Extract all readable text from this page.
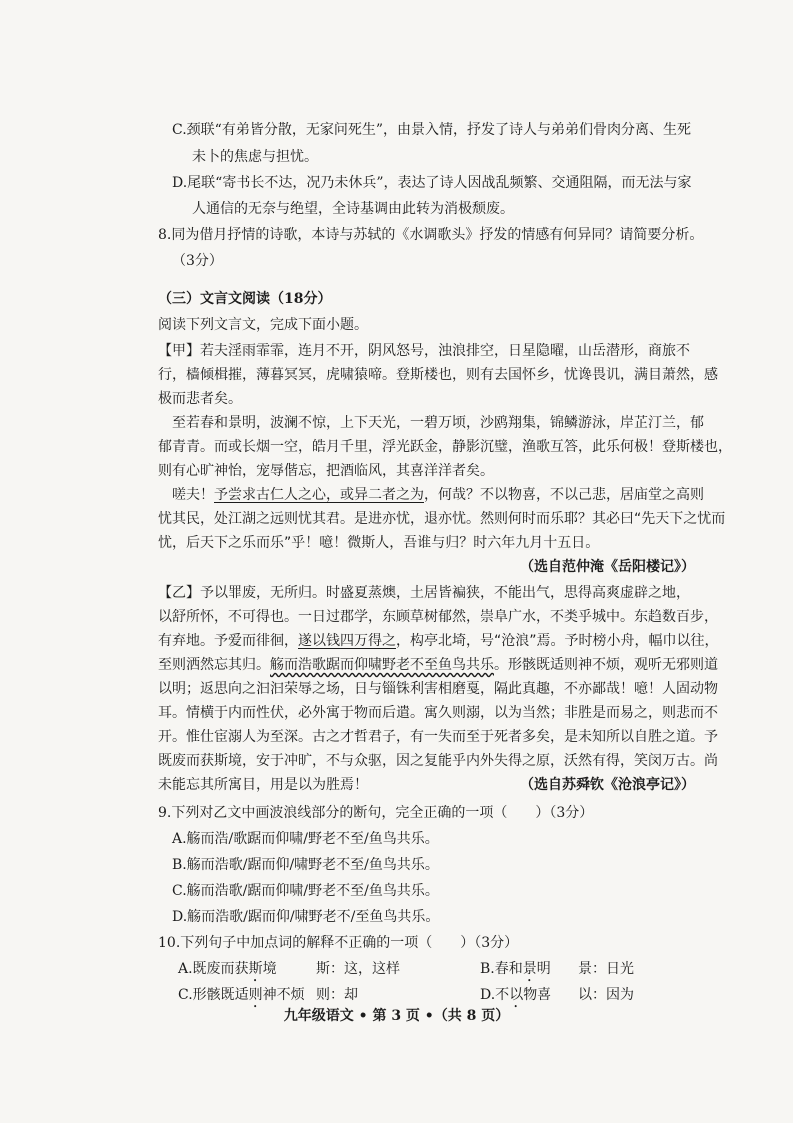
C.颈联“有弟皆分散，无家问死生”，由景入情，抒发了诗人与弟弟们骨肉分离、生死
未卜的焦虑与担忧。
D.尾联“寄书长不达，况乃未休兵”，表达了诗人因战乱频繁、交通阻隔，而无法与家
人通信的无奈与绝望，全诗基调由此转为消极颓废。
8.同为借月抒情的诗歌，本诗与苏轼的《水调歌头》抒发的情感有何异同？请简要分析。
（3分）
（三）文言文阅读（18分）
阅读下列文言文，完成下面小题。
【甲】若夫淫雨霏霏，连月不开，阴风怒号，浊浪排空，日星隐曜，山岳潜形，商旅不
行，樯倾楫摧，薄暮冥冥，虎啸猿啼。登斯楼也，则有去国怀乡，忧谗畏讥，满目萧然，感
极而悲者矣。
至若春和景明，波澜不惊，上下天光，一碧万顷，沙鸥翔集，锦鳞游泳，岸芷汀兰，郁
郁青青。而或长烟一空，皓月千里，浮光跃金，静影沉璧，渔歌互答，此乐何极！登斯楼也，
则有心旷神怡，宠辱偕忘，把酒临风，其喜洋洋者矣。
嗟夫！予尝求古仁人之心，或异二者之为，何哉？不以物喜，不以己悲，居庙堂之高则
忧其民，处江湖之远则忧其君。是进亦忧，退亦忧。然则何时而乐耶？其必曰“先天下之忧而
忧，后天下之乐而乐”乎！噫！微斯人，吾谁与归？时六年九月十五日。
（选自范仲淹《岳阳楼记》）
【乙】予以罪废，无所归。时盛夏蒸燠，土居皆褊狭，不能出气，思得高爽虚辟之地，
以舒所怀，不可得也。一日过郡学，东顾草树郁然，崇阜广水，不类乎城中。东趋数百步，
有弃地。予爱而徘徊，遂以钱四万得之，构亭北埼，号“沧浪”焉。予时榜小舟，幅巾以往，
至则洒然忘其归。觞而浩歌踞而仰啸野老不至鱼鸟共乐。形骸既适则神不烦，观听无邪则道
以明；返思向之汩汩荣辱之场，日与锱铢利害相磨戛，隔此真趣，不亦鄙哉！噫！人固动物
耳。情横于内而性伏，必外寓于物而后遣。寓久则溺，以为当然；非胜是而易之，则悲而不
开。惟仕宦溺人为至深。古之才哲君子，有一失而至于死者多矣，是未知所以自胜之道。予
既废而获斯境，安于冲旷，不与众驱，因之复能乎内外失得之原，沃然有得，笑闵万古。尚
未能忘其所寓目，用是以为胜焉！	（选自苏舜钦《沧浪亭记》）
9.下列对乙文中画波浪线部分的断句，完全正确的一项（　　）（3分）
A.觞而浩/歌踞而仰啸/野老不至/鱼鸟共乐。
B.觞而浩歌/踞而仰/啸野老不至/鱼鸟共乐。
C.觞而浩歌/踞而仰啸/野老不至/鱼鸟共乐。
D.觞而浩歌/踞而仰/啸野老不/至鱼鸟共乐。
10.下列句子中加点词的解释不正确的一项（　　）（3分）
A.既废而获斯境	斯：这，这样	B.春和景明 景：日光
C.形骸既适则神不烦 则：却	D.不以物喜 以：因为
九年级语文 • 第 3 页 •（共 8 页）
